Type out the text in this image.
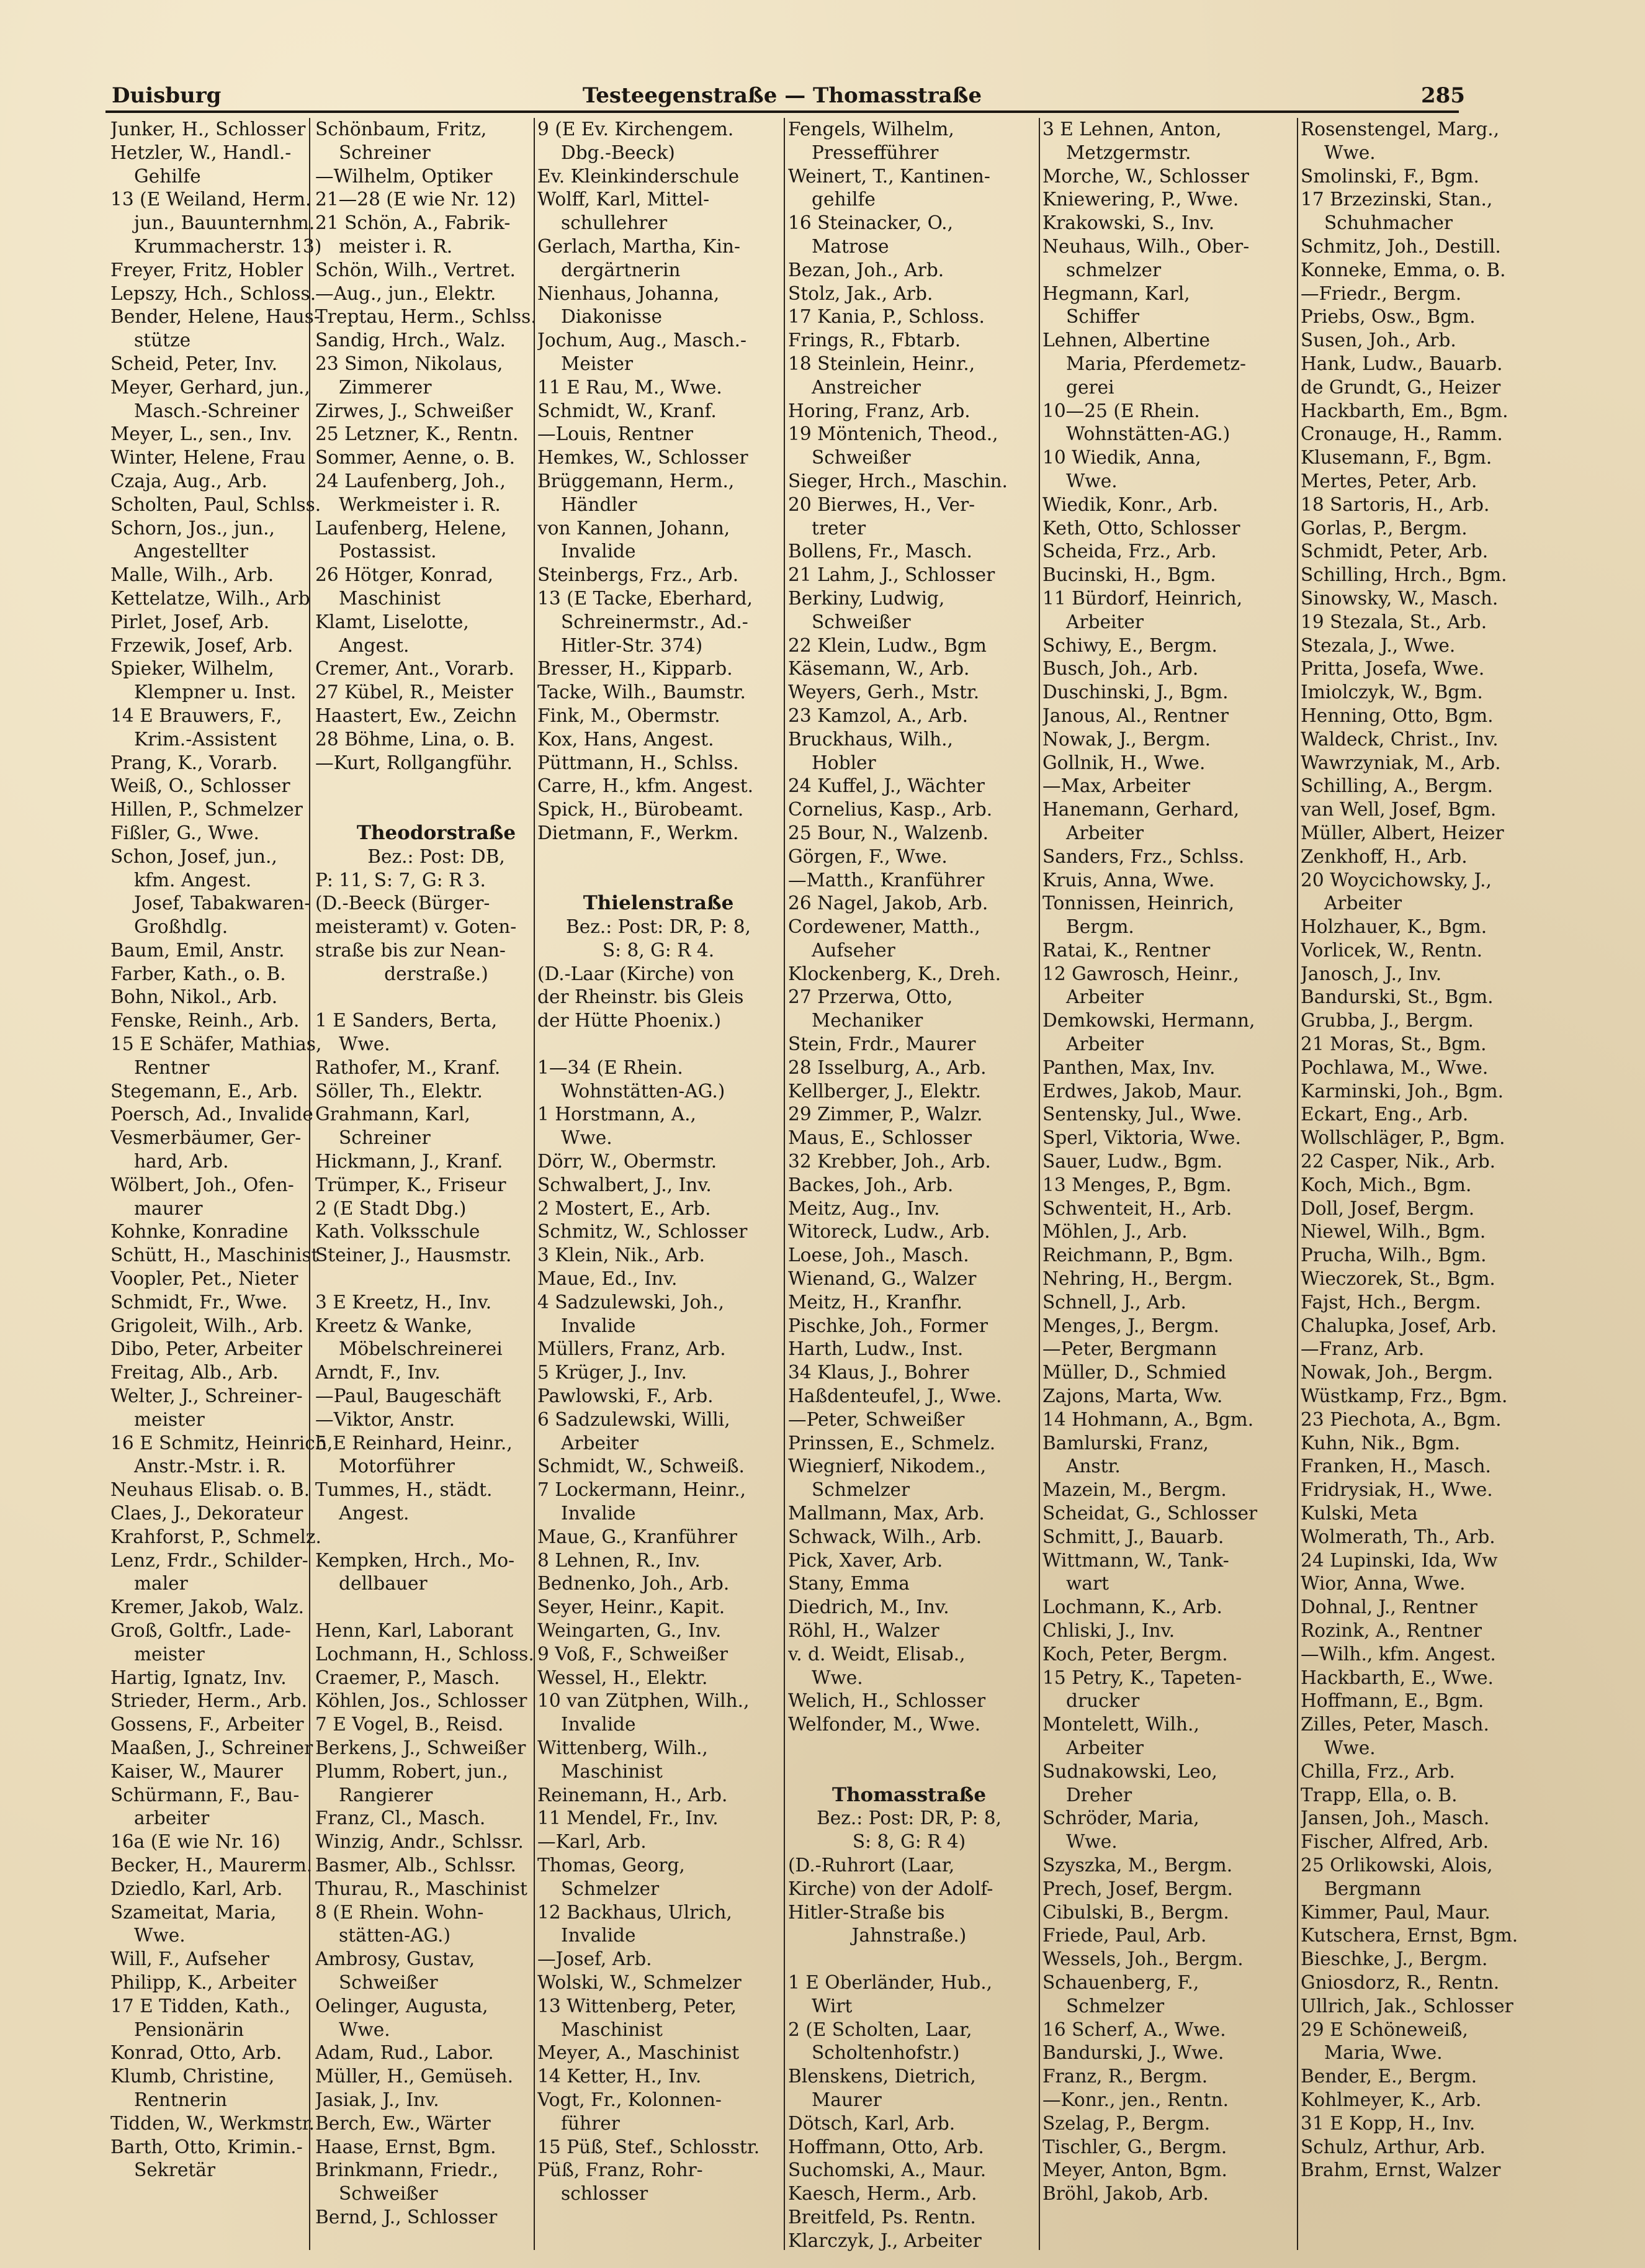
Duisburg	Testeegenstraße — Thomasstraße	285
Junker, H., Schlosser
Hetzler, W., Handl.-
Gehilfe
13 (E Weiland, Herm.
jun., Bauunternhm.
Krummacherstr. 13)
Freyer, Fritz, Hobler
Lepszy, Hch., Schloss.
Bender, Helene, Haus-
stütze
Scheid, Peter, Inv.
Meyer, Gerhard, jun.,
Masch.-Schreiner
Meyer, L., sen., Inv.
Winter, Helene, Frau
Czaja, Aug., Arb.
Scholten, Paul, Schlss.
Schorn, Jos., jun.,
Angestellter
Malle, Wilh., Arb.
Kettelatze, Wilh., Arb
Pirlet, Josef, Arb.
Frzewik, Josef, Arb.
Spieker, Wilhelm,
Klempner u. Inst.
14 E Brauwers, F.,
Krim.-Assistent
Prang, K., Vorarb.
Weiß, O., Schlosser
Hillen, P., Schmelzer
Fißler, G., Wwe.
Schon, Josef, jun.,
kfm. Angest.
Josef, Tabakwaren-
Großhdlg.
Baum, Emil, Anstr.
Farber, Kath., o. B.
Bohn, Nikol., Arb.
Fenske, Reinh., Arb.
15 E Schäfer, Mathias,
Rentner
Stegemann, E., Arb.
Poersch, Ad., Invalide
Vesmerbäumer, Ger-
hard, Arb.
Wölbert, Joh., Ofen-
maurer
Kohnke, Konradine
Schütt, H., Maschinist
Voopler, Pet., Nieter
Schmidt, Fr., Wwe.
Grigoleit, Wilh., Arb.
Dibo, Peter, Arbeiter
Freitag, Alb., Arb.
Welter, J., Schreiner-
meister
16 E Schmitz, Heinrich,
Anstr.-Mstr. i. R.
Neuhaus Elisab. o. B.
Claes, J., Dekorateur
Krahforst, P., Schmelz.
Lenz, Frdr., Schilder-
maler
Kremer, Jakob, Walz.
Groß, Goltfr., Lade-
meister
Hartig, Ignatz, Inv.
Strieder, Herm., Arb.
Gossens, F., Arbeiter
Maaßen, J., Schreiner
Kaiser, W., Maurer
Schürmann, F., Bau-
arbeiter
16a (E wie Nr. 16)
Becker, H., Maurerm.
Dziedlo, Karl, Arb.
Szameitat, Maria,
Wwe.
Will, F., Aufseher
Philipp, K., Arbeiter
17 E Tidden, Kath.,
Pensionärin
Konrad, Otto, Arb.
Klumb, Christine,
Rentnerin
Tidden, W., Werkmstr.
Barth, Otto, Krimin.-
Sekretär
Schönbaum, Fritz,
Schreiner
—Wilhelm, Optiker
21—28 (E wie Nr. 12)
21 Schön, A., Fabrik-
meister i. R.
Schön, Wilh., Vertret.
—Aug., jun., Elektr.
Treptau, Herm., Schlss.
Sandig, Hrch., Walz.
23 Simon, Nikolaus,
Zimmerer
Zirwes, J., Schweißer
25 Letzner, K., Rentn.
Sommer, Aenne, o. B.
24 Laufenberg, Joh.,
Werkmeister i. R.
Laufenberg, Helene,
Postassist.
26 Hötger, Konrad,
Maschinist
Klamt, Liselotte,
Angest.
Cremer, Ant., Vorarb.
27 Kübel, R., Meister
Haastert, Ew., Zeichn
28 Böhme, Lina, o. B.
—Kurt, Rollgangführ.
Theodorstraße
Bez.: Post: DB,
P: 11, S: 7, G: R 3.
(D.-Beeck (Bürger-
meisteramt) v. Goten-
straße bis zur Nean-
derstraße.)
1 E Sanders, Berta,
Wwe.
Rathofer, M., Kranf.
Söller, Th., Elektr.
Grahmann, Karl,
Schreiner
Hickmann, J., Kranf.
Trümper, K., Friseur
2 (E Stadt Dbg.)
Kath. Volksschule
Steiner, J., Hausmstr.
3 E Kreetz, H., Inv.
Kreetz & Wanke,
Möbelschreinerei
Arndt, F., Inv.
—Paul, Baugeschäft
—Viktor, Anstr.
5 E Reinhard, Heinr.,
Motorführer
Tummes, H., städt.
Angest.
Kempken, Hrch., Mo-
dellbauer
Henn, Karl, Laborant
Lochmann, H., Schloss.
Craemer, P., Masch.
Köhlen, Jos., Schlosser
7 E Vogel, B., Reisd.
Berkens, J., Schweißer
Plumm, Robert, jun.,
Rangierer
Franz, Cl., Masch.
Winzig, Andr., Schlssr.
Basmer, Alb., Schlssr.
Thurau, R., Maschinist
8 (E Rhein. Wohn-
stätten-AG.)
Ambrosy, Gustav,
Schweißer
Oelinger, Augusta,
Wwe.
Adam, Rud., Labor.
Müller, H., Gemüseh.
Jasiak, J., Inv.
Berch, Ew., Wärter
Haase, Ernst, Bgm.
Brinkmann, Friedr.,
Schweißer
Bernd, J., Schlosser
9 (E Ev. Kirchengem.
Dbg.-Beeck)
Ev. Kleinkinderschule
Wolff, Karl, Mittel-
schullehrer
Gerlach, Martha, Kin-
dergärtnerin
Nienhaus, Johanna,
Diakonisse
Jochum, Aug., Masch.-
Meister
11 E Rau, M., Wwe.
Schmidt, W., Kranf.
—Louis, Rentner
Hemkes, W., Schlosser
Brüggemann, Herm.,
Händler
von Kannen, Johann,
Invalide
Steinbergs, Frz., Arb.
13 (E Tacke, Eberhard,
Schreinermstr., Ad.-
Hitler-Str. 374)
Bresser, H., Kipparb.
Tacke, Wilh., Baumstr.
Fink, M., Obermstr.
Kox, Hans, Angest.
Püttmann, H., Schlss.
Carre, H., kfm. Angest.
Spick, H., Bürobeamt.
Dietmann, F., Werkm.
Thielenstraße
Bez.: Post: DR, P: 8,
S: 8, G: R 4.
(D.-Laar (Kirche) von
der Rheinstr. bis Gleis
der Hütte Phoenix.)
1—34 (E Rhein.
Wohnstätten-AG.)
1 Horstmann, A.,
Wwe.
Dörr, W., Obermstr.
Schwalbert, J., Inv.
2 Mostert, E., Arb.
Schmitz, W., Schlosser
3 Klein, Nik., Arb.
Maue, Ed., Inv.
4 Sadzulewski, Joh.,
Invalide
Müllers, Franz, Arb.
5 Krüger, J., Inv.
Pawlowski, F., Arb.
6 Sadzulewski, Willi,
Arbeiter
Schmidt, W., Schweiß.
7 Lockermann, Heinr.,
Invalide
Maue, G., Kranführer
8 Lehnen, R., Inv.
Bednenko, Joh., Arb.
Seyer, Heinr., Kapit.
Weingarten, G., Inv.
9 Voß, F., Schweißer
Wessel, H., Elektr.
10 van Zütphen, Wilh.,
Invalide
Wittenberg, Wilh.,
Maschinist
Reinemann, H., Arb.
11 Mendel, Fr., Inv.
—Karl, Arb.
Thomas, Georg,
Schmelzer
12 Backhaus, Ulrich,
Invalide
—Josef, Arb.
Wolski, W., Schmelzer
13 Wittenberg, Peter,
Maschinist
Meyer, A., Maschinist
14 Ketter, H., Inv.
Vogt, Fr., Kolonnen-
führer
15 Püß, Stef., Schlosstr.
Püß, Franz, Rohr-
schlosser
Fengels, Wilhelm,
Pressefführer
Weinert, T., Kantinen-
gehilfe
16 Steinacker, O.,
Matrose
Bezan, Joh., Arb.
Stolz, Jak., Arb.
17 Kania, P., Schloss.
Frings, R., Fbtarb.
18 Steinlein, Heinr.,
Anstreicher
Horing, Franz, Arb.
19 Möntenich, Theod.,
Schweißer
Sieger, Hrch., Maschin.
20 Bierwes, H., Ver-
treter
Bollens, Fr., Masch.
21 Lahm, J., Schlosser
Berkiny, Ludwig,
Schweißer
22 Klein, Ludw., Bgm
Käsemann, W., Arb.
Weyers, Gerh., Mstr.
23 Kamzol, A., Arb.
Bruckhaus, Wilh.,
Hobler
24 Kuffel, J., Wächter
Cornelius, Kasp., Arb.
25 Bour, N., Walzenb.
Görgen, F., Wwe.
—Matth., Kranführer
26 Nagel, Jakob, Arb.
Cordewener, Matth.,
Aufseher
Klockenberg, K., Dreh.
27 Przerwa, Otto,
Mechaniker
Stein, Frdr., Maurer
28 Isselburg, A., Arb.
Kellberger, J., Elektr.
29 Zimmer, P., Walzr.
Maus, E., Schlosser
32 Krebber, Joh., Arb.
Backes, Joh., Arb.
Meitz, Aug., Inv.
Witoreck, Ludw., Arb.
Loese, Joh., Masch.
Wienand, G., Walzer
Meitz, H., Kranfhr.
Pischke, Joh., Former
Harth, Ludw., Inst.
34 Klaus, J., Bohrer
Haßdenteufel, J., Wwe.
—Peter, Schweißer
Prinssen, E., Schmelz.
Wiegnierf, Nikodem.,
Schmelzer
Mallmann, Max, Arb.
Schwack, Wilh., Arb.
Pick, Xaver, Arb.
Stany, Emma
Diedrich, M., Inv.
Röhl, H., Walzer
v. d. Weidt, Elisab.,
Wwe.
Welich, H., Schlosser
Welfonder, M., Wwe.
Thomasstraße
Bez.: Post: DR, P: 8,
S: 8, G: R 4)
(D.-Ruhrort (Laar,
Kirche) von der Adolf-
Hitler-Straße bis
Jahnstraße.)
1 E Oberländer, Hub.,
Wirt
2 (E Scholten, Laar,
Scholtenhofstr.)
Blenskens, Dietrich,
Maurer
Dötsch, Karl, Arb.
Hoffmann, Otto, Arb.
Suchomski, A., Maur.
Kaesch, Herm., Arb.
Breitfeld, Ps. Rentn.
Klarczyk, J., Arbeiter
3 E Lehnen, Anton,
Metzgermstr.
Morche, W., Schlosser
Kniewering, P., Wwe.
Krakowski, S., Inv.
Neuhaus, Wilh., Ober-
schmelzer
Hegmann, Karl,
Schiffer
Lehnen, Albertine
Maria, Pferdemetz-
gerei
10—25 (E Rhein.
Wohnstätten-AG.)
10 Wiedik, Anna,
Wwe.
Wiedik, Konr., Arb.
Keth, Otto, Schlosser
Scheida, Frz., Arb.
Bucinski, H., Bgm.
11 Bürdorf, Heinrich,
Arbeiter
Schiwy, E., Bergm.
Busch, Joh., Arb.
Duschinski, J., Bgm.
Janous, Al., Rentner
Nowak, J., Bergm.
Gollnik, H., Wwe.
—Max, Arbeiter
Hanemann, Gerhard,
Arbeiter
Sanders, Frz., Schlss.
Kruis, Anna, Wwe.
Tonnissen, Heinrich,
Bergm.
Ratai, K., Rentner
12 Gawrosch, Heinr.,
Arbeiter
Demkowski, Hermann,
Arbeiter
Panthen, Max, Inv.
Erdwes, Jakob, Maur.
Sentensky, Jul., Wwe.
Sperl, Viktoria, Wwe.
Sauer, Ludw., Bgm.
13 Menges, P., Bgm.
Schwenteit, H., Arb.
Möhlen, J., Arb.
Reichmann, P., Bgm.
Nehring, H., Bergm.
Schnell, J., Arb.
Menges, J., Bergm.
—Peter, Bergmann
Müller, D., Schmied
Zajons, Marta, Ww.
14 Hohmann, A., Bgm.
Bamlurski, Franz,
Anstr.
Mazein, M., Bergm.
Scheidat, G., Schlosser
Schmitt, J., Bauarb.
Wittmann, W., Tank-
wart
Lochmann, K., Arb.
Chliski, J., Inv.
Koch, Peter, Bergm.
15 Petry, K., Tapeten-
drucker
Montelett, Wilh.,
Arbeiter
Sudnakowski, Leo,
Dreher
Schröder, Maria,
Wwe.
Szyszka, M., Bergm.
Prech, Josef, Bergm.
Cibulski, B., Bergm.
Friede, Paul, Arb.
Wessels, Joh., Bergm.
Schauenberg, F.,
Schmelzer
16 Scherf, A., Wwe.
Bandurski, J., Wwe.
Franz, R., Bergm.
—Konr., jen., Rentn.
Szelag, P., Bergm.
Tischler, G., Bergm.
Meyer, Anton, Bgm.
Bröhl, Jakob, Arb.
Rosenstengel, Marg.,
Wwe.
Smolinski, F., Bgm.
17 Brzezinski, Stan.,
Schuhmacher
Schmitz, Joh., Destill.
Konneke, Emma, o. B.
—Friedr., Bergm.
Priebs, Osw., Bgm.
Susen, Joh., Arb.
Hank, Ludw., Bauarb.
de Grundt, G., Heizer
Hackbarth, Em., Bgm.
Cronauge, H., Ramm.
Klusemann, F., Bgm.
Mertes, Peter, Arb.
18 Sartoris, H., Arb.
Gorlas, P., Bergm.
Schmidt, Peter, Arb.
Schilling, Hrch., Bgm.
Sinowsky, W., Masch.
19 Stezala, St., Arb.
Stezala, J., Wwe.
Pritta, Josefa, Wwe.
Imiolczyk, W., Bgm.
Henning, Otto, Bgm.
Waldeck, Christ., Inv.
Wawrzyniak, M., Arb.
Schilling, A., Bergm.
van Well, Josef, Bgm.
Müller, Albert, Heizer
Zenkhoff, H., Arb.
20 Woycichowsky, J.,
Arbeiter
Holzhauer, K., Bgm.
Vorlicek, W., Rentn.
Janosch, J., Inv.
Bandurski, St., Bgm.
Grubba, J., Bergm.
21 Moras, St., Bgm.
Pochlawa, M., Wwe.
Karminski, Joh., Bgm.
Eckart, Eng., Arb.
Wollschläger, P., Bgm.
22 Casper, Nik., Arb.
Koch, Mich., Bgm.
Doll, Josef, Bergm.
Niewel, Wilh., Bgm.
Prucha, Wilh., Bgm.
Wieczorek, St., Bgm.
Fajst, Hch., Bergm.
Chalupka, Josef, Arb.
—Franz, Arb.
Nowak, Joh., Bergm.
Wüstkamp, Frz., Bgm.
23 Piechota, A., Bgm.
Kuhn, Nik., Bgm.
Franken, H., Masch.
Fridrysiak, H., Wwe.
Kulski, Meta
Wolmerath, Th., Arb.
24 Lupinski, Ida, Ww
Wior, Anna, Wwe.
Dohnal, J., Rentner
Rozink, A., Rentner
—Wilh., kfm. Angest.
Hackbarth, E., Wwe.
Hoffmann, E., Bgm.
Zilles, Peter, Masch.
Wwe.
Chilla, Frz., Arb.
Trapp, Ella, o. B.
Jansen, Joh., Masch.
Fischer, Alfred, Arb.
25 Orlikowski, Alois,
Bergmann
Kimmer, Paul, Maur.
Kutschera, Ernst, Bgm.
Bieschke, J., Bergm.
Gniosdorz, R., Rentn.
Ullrich, Jak., Schlosser
29 E Schöneweiß,
Maria, Wwe.
Bender, E., Bergm.
Kohlmeyer, K., Arb.
31 E Kopp, H., Inv.
Schulz, Arthur, Arb.
Brahm, Ernst, Walzer
